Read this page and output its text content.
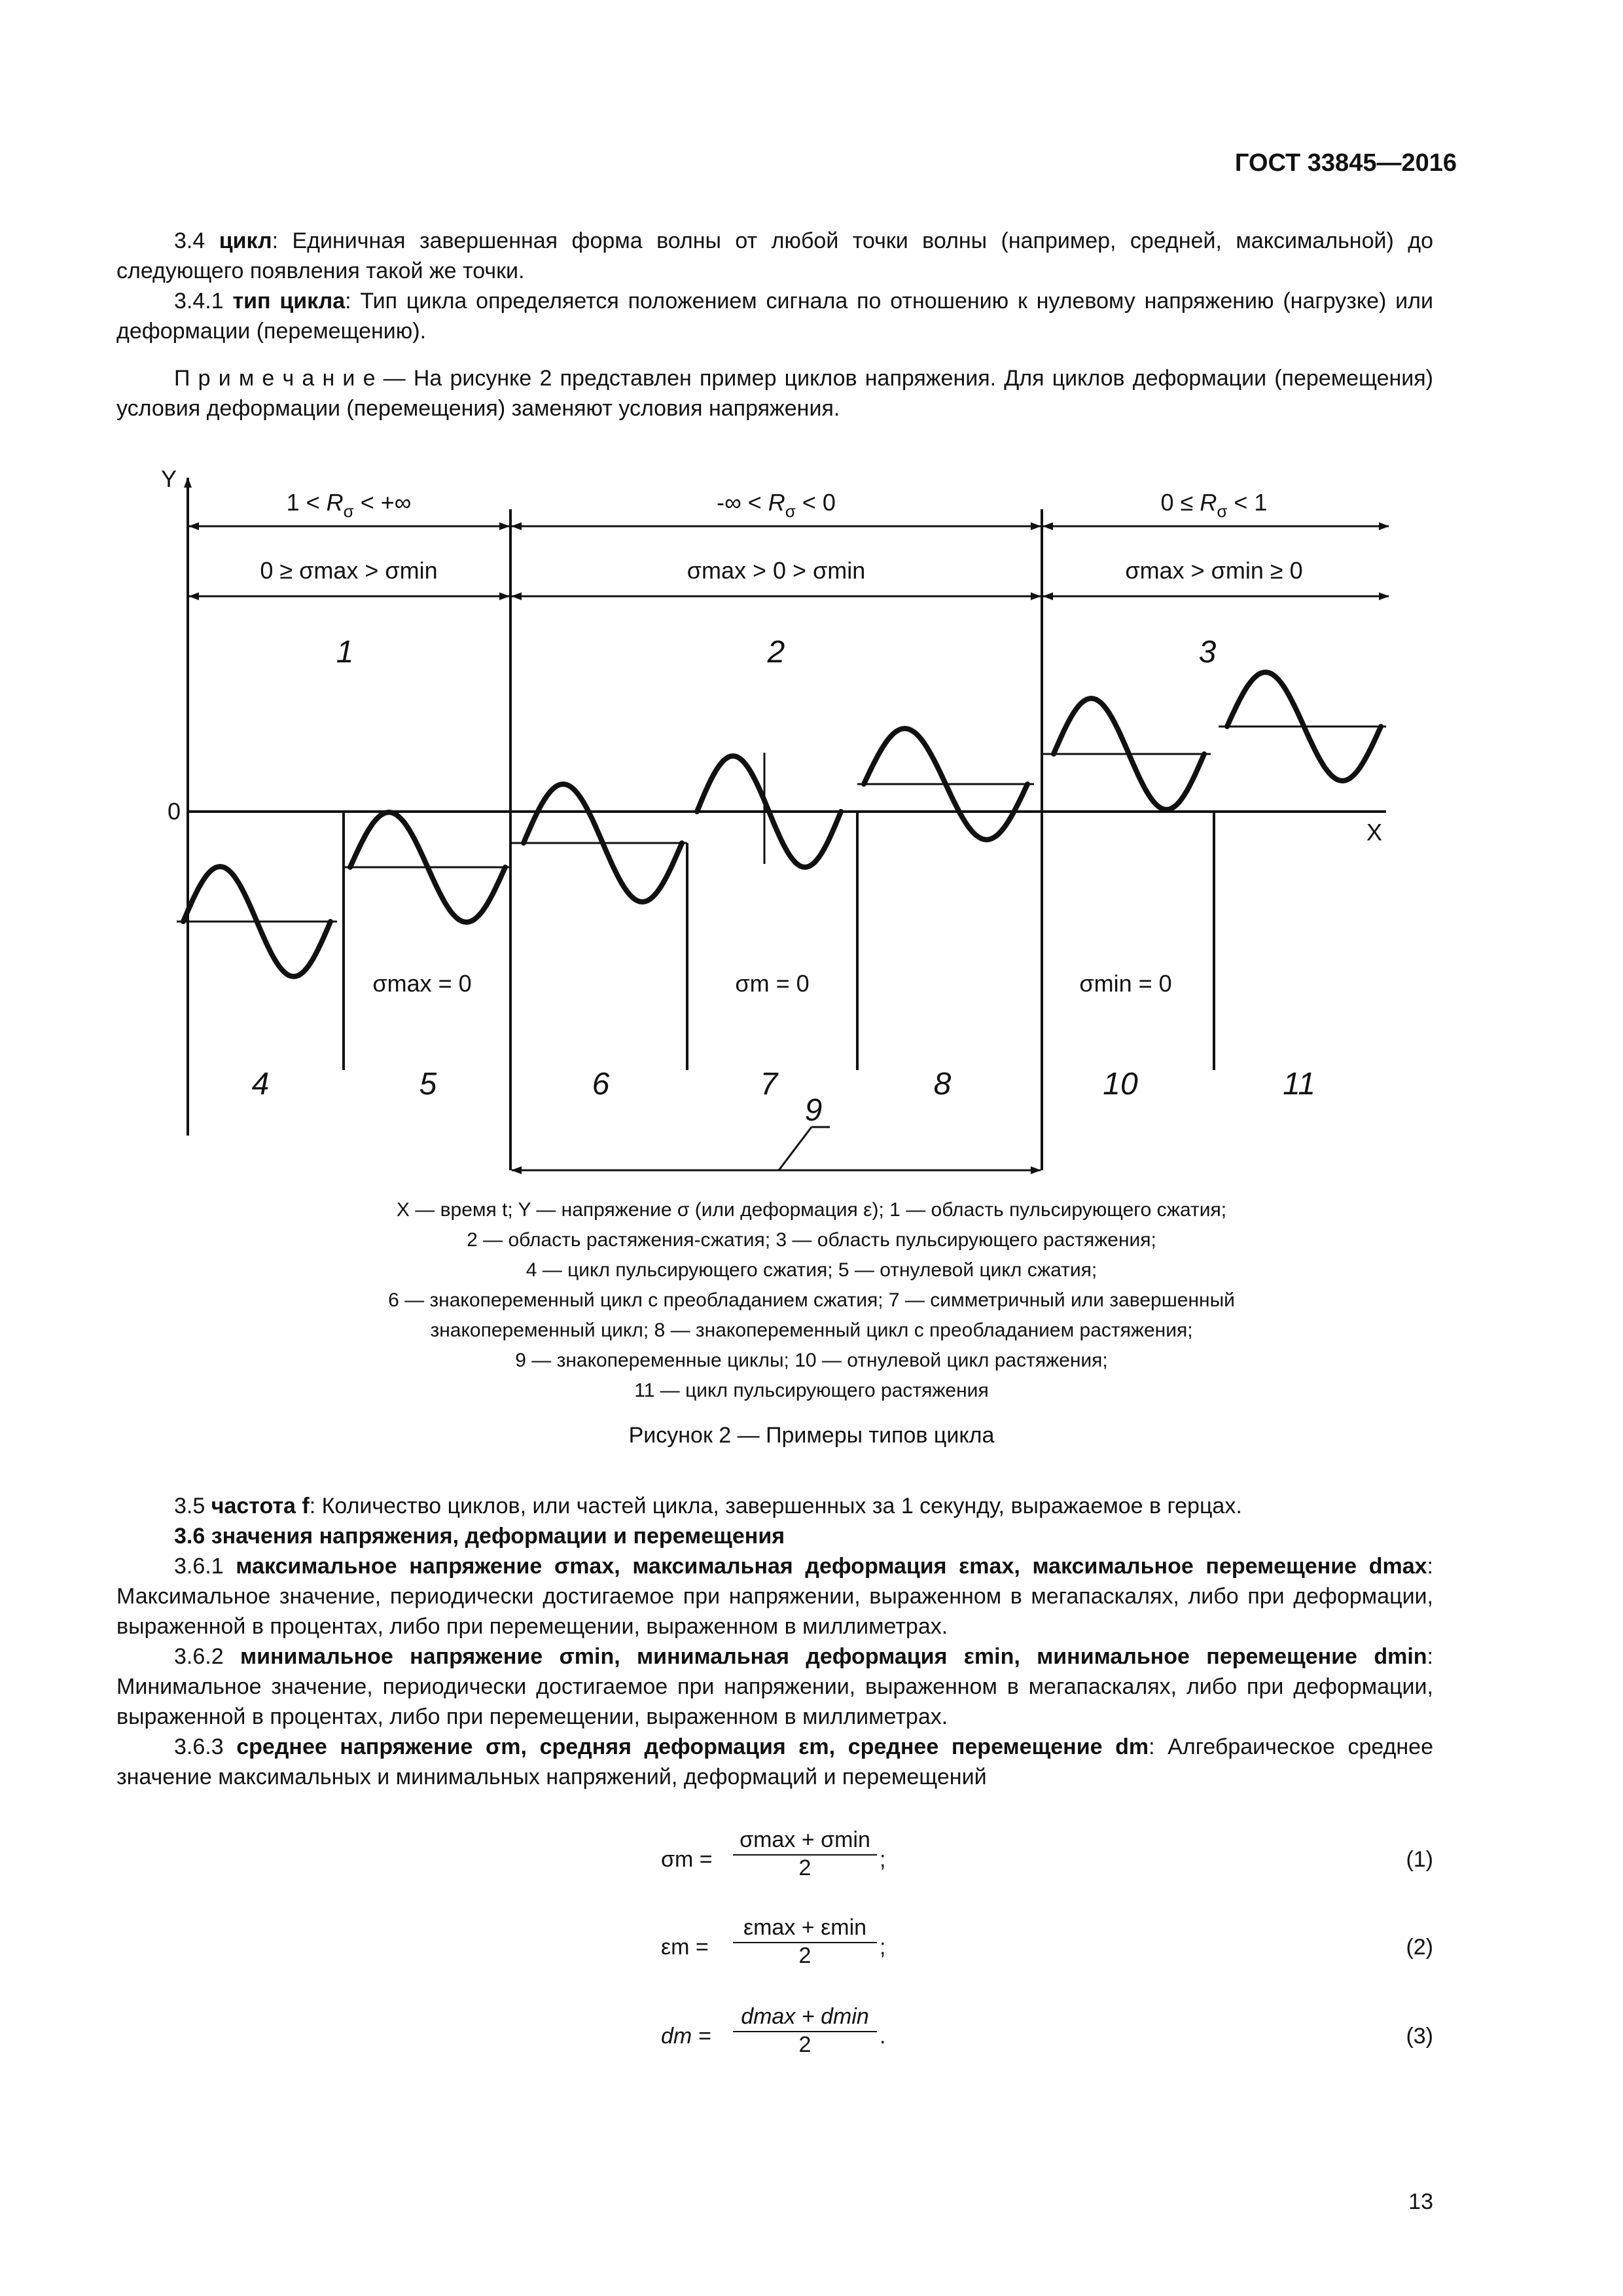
ГОСТ 33845—2016

3.4 цикл: Единичная завершенная форма волны от любой точки волны (например, средней, максимальной) до следующего появления такой же точки.

3.4.1 тип цикла: Тип цикла определяется положением сигнала по отношению к нулевому напряжению (нагрузке) или деформации (перемещению).

П р и м е ч а н и е — На рисунке 2 представлен пример циклов напряжения. Для циклов деформации (перемещения) условия деформации (перемещения) заменяют условия напряжения.

Y
X
0
$1 < R_\sigma$ < +∞	-∞ < $R_\sigma < 0$	$0 \le R_\sigma < 1$
0 ≥ σmax > σmin	σmax > 0 > σmin	σmax > σmin ≥ 0
1	2	3
σmax = 0	σm = 0	σmin = 0
4	5	6	7	8
9
10	11
X — время t; Y — напряжение σ (или деформация ε); 1 — область пульсирующего сжатия;
2 — область растяжения-сжатия; 3 — область пульсирующего растяжения;
4 — цикл пульсирующего сжатия; 5 — отнулевой цикл сжатия;
6 — знакопеременный цикл с преобладанием сжатия; 7 — симметричный или завершенный
знакопеременный цикл; 8 — знакопеременный цикл с преобладанием растяжения;
9 — знакопеременные циклы; 10 — отнулевой цикл растяжения;
11 — цикл пульсирующего растяжения
Рисунок 2 — Примеры типов цикла

3.5 частота f: Количество циклов, или частей цикла, завершенных за 1 секунду, выражаемое в герцах.

3.6 значения напряжения, деформации и перемещения

3.6.1 максимальное напряжение σmax, максимальная деформация εmax, максимальное перемещение dmax: Максимальное значение, периодически достигаемое при напряжении, выраженном в мегапаскалях, либо при деформации, выраженной в процентах, либо при перемещении, выраженном в миллиметрах.

3.6.2 минимальное напряжение σmin, минимальная деформация εmin, минимальное перемещение dmin: Минимальное значение, периодически достигаемое при напряжении, выраженном в мегапаскалях, либо при деформации, выраженной в процентах, либо при перемещении, выраженном в миллиметрах.

3.6.3 среднее напряжение σm, средняя деформация εm, среднее перемещение dm: Алгебраическое среднее значение максимальных и минимальных напряжений, деформаций и перемещений

σm =
σmax + σmin
2	;	(1)
εm =
εmax + εmin
2	;	(2)
dm =
dmax + dmin
2	.	(3)
13
